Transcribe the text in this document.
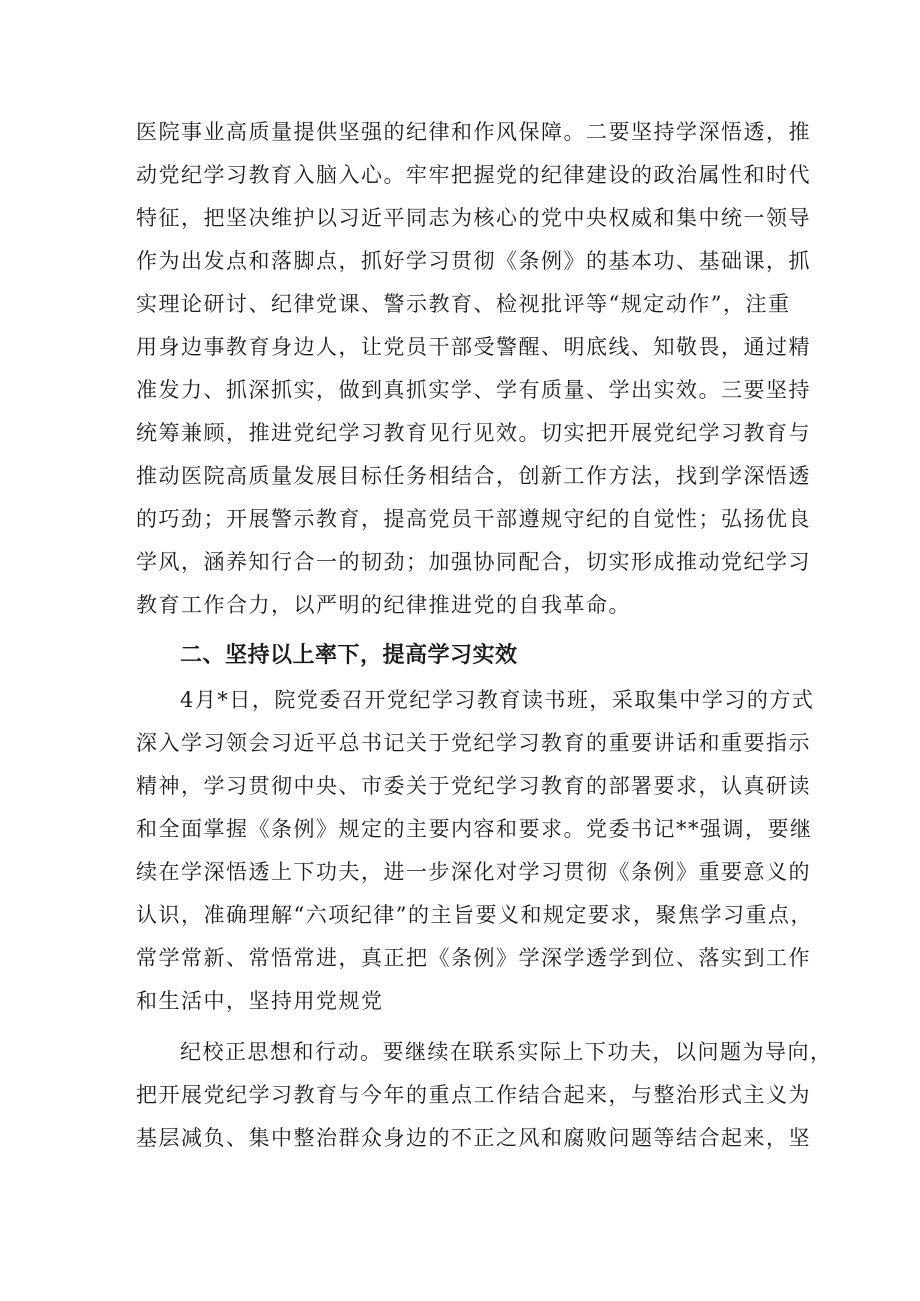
医院事业高质量提供坚强的纪律和作风保障。二要坚持学深悟透，推
动党纪学习教育入脑入心。牢牢把握党的纪律建设的政治属性和时代
特征，把坚决维护以习近平同志为核心的党中央权威和集中统一领导
作为出发点和落脚点，抓好学习贯彻《条例》的基本功、基础课，抓
实理论研讨、纪律党课、警示教育、检视批评等“规定动作”，注重
用身边事教育身边人，让党员干部受警醒、明底线、知敬畏，通过精
准发力、抓深抓实，做到真抓实学、学有质量、学出实效。三要坚持
统筹兼顾，推进党纪学习教育见行见效。切实把开展党纪学习教育与
推动医院高质量发展目标任务相结合，创新工作方法，找到学深悟透
的巧劲；开展警示教育，提高党员干部遵规守纪的自觉性；弘扬优良
学风，涵养知行合一的韧劲；加强协同配合，切实形成推动党纪学习
教育工作合力，以严明的纪律推进党的自我革命。
二、坚持以上率下，提高学习实效
4月*日，院党委召开党纪学习教育读书班，采取集中学习的方式
深入学习领会习近平总书记关于党纪学习教育的重要讲话和重要指示
精神，学习贯彻中央、市委关于党纪学习教育的部署要求，认真研读
和全面掌握《条例》规定的主要内容和要求。党委书记**强调，要继
续在学深悟透上下功夫，进一步深化对学习贯彻《条例》重要意义的
认识，准确理解“六项纪律”的主旨要义和规定要求，聚焦学习重点，
常学常新、常悟常进，真正把《条例》学深学透学到位、落实到工作
和生活中，坚持用党规党
纪校正思想和行动。要继续在联系实际上下功夫，以问题为导向，
把开展党纪学习教育与今年的重点工作结合起来，与整治形式主义为
基层减负、集中整治群众身边的不正之风和腐败问题等结合起来，坚
